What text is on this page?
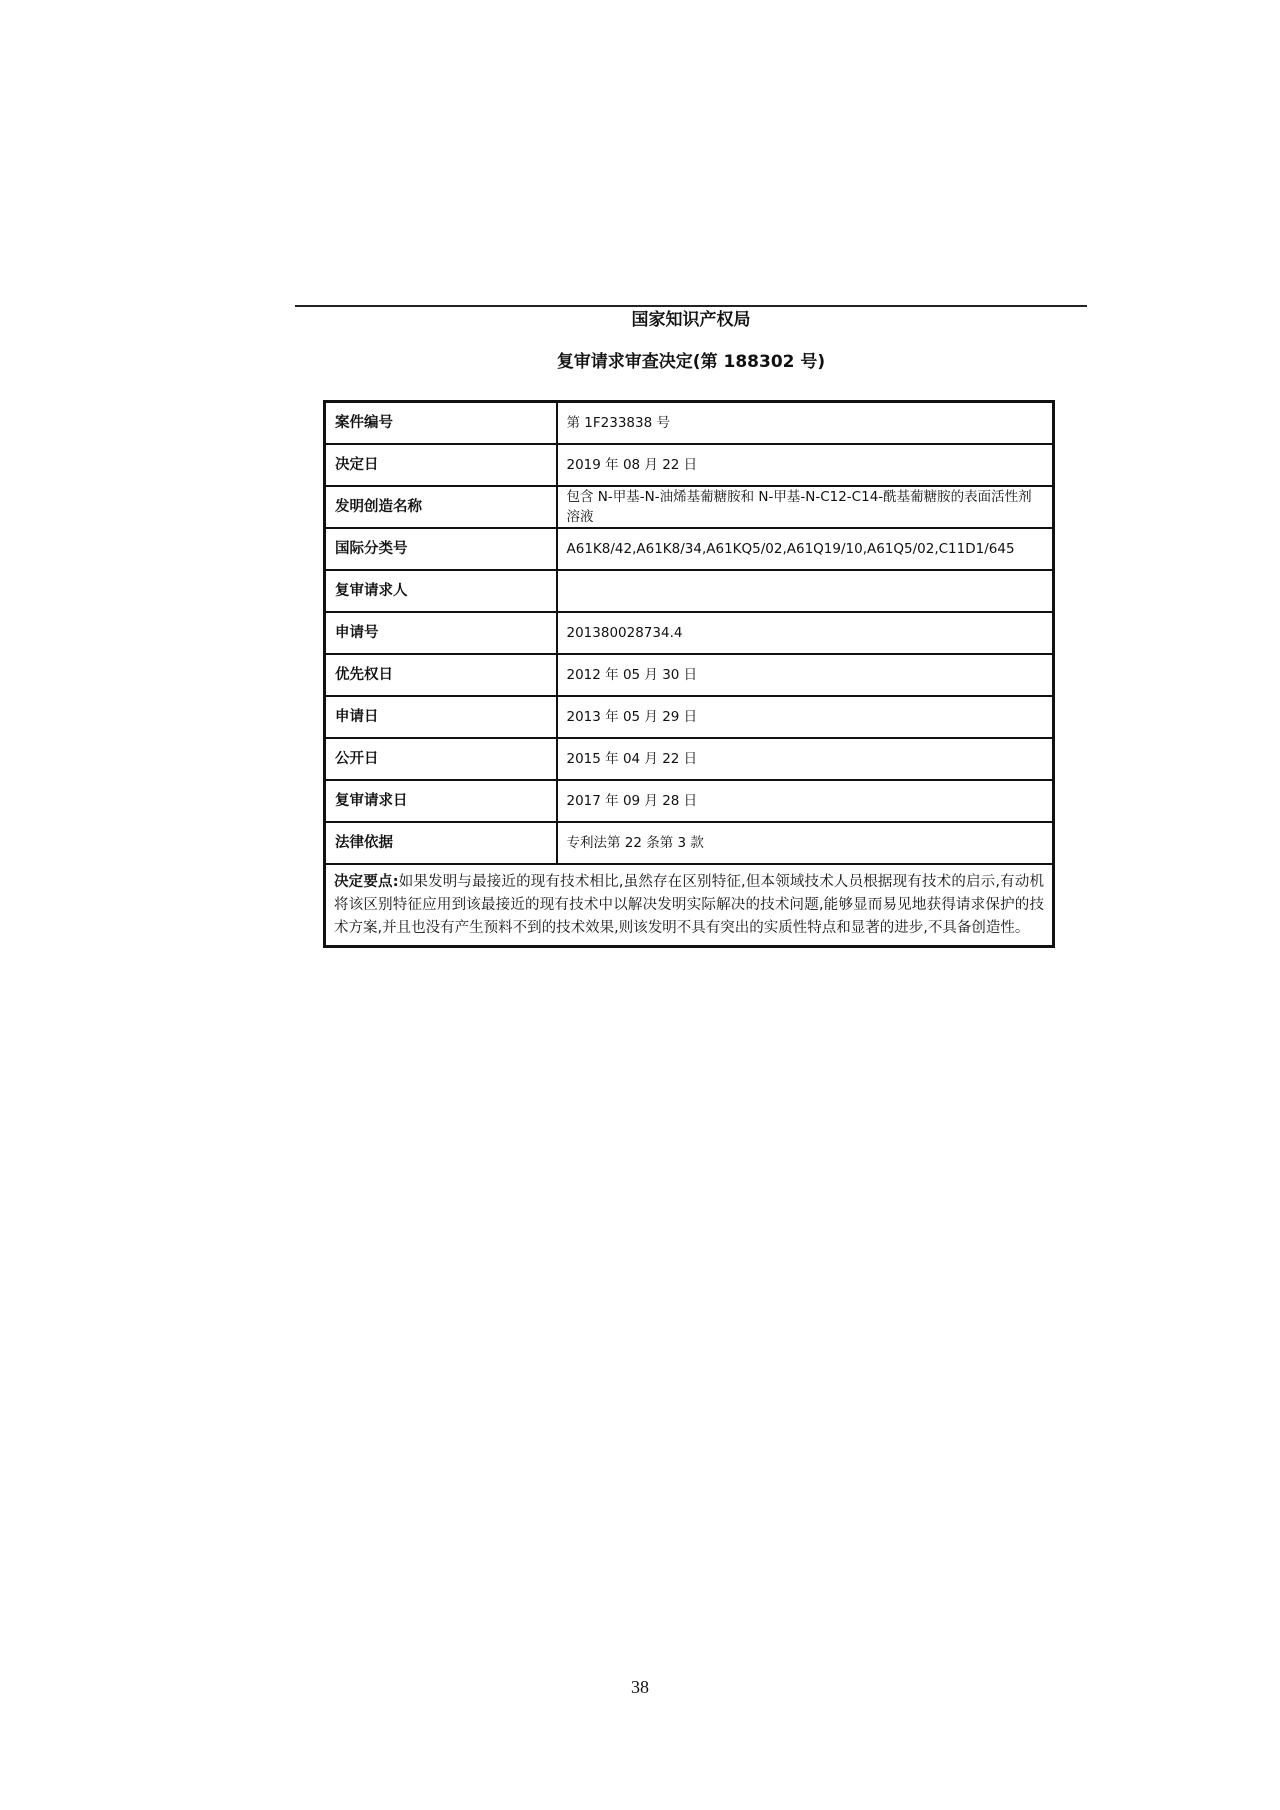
国家知识产权局
复审请求审查决定(第 188302 号)
案件编号	第 1F233838 号
决定日	2019 年 08 月 22 日
发明创造名称	包含 N-甲基-N-油烯基葡糖胺和 N-甲基-N-C12-C14-酰基葡糖胺的表面活性剂溶液
国际分类号	A61K8/42,A61K8/34,A61KQ5/02,A61Q19/10,A61Q5/02,C11D1/645
复审请求人	
申请号	201380028734.4
优先权日	2012 年 05 月 30 日
申请日	2013 年 05 月 29 日
公开日	2015 年 04 月 22 日
复审请求日	2017 年 09 月 28 日
法律依据	专利法第 22 条第 3 款
决定要点:如果发明与最接近的现有技术相比,虽然存在区别特征,但本领域技术人员根据现有技术的启示,有动机将该区别特征应用到该最接近的现有技术中以解决发明实际解决的技术问题,能够显而易见地获得请求保护的技术方案,并且也没有产生预料不到的技术效果,则该发明不具有突出的实质性特点和显著的进步,不具备创造性。	
38
